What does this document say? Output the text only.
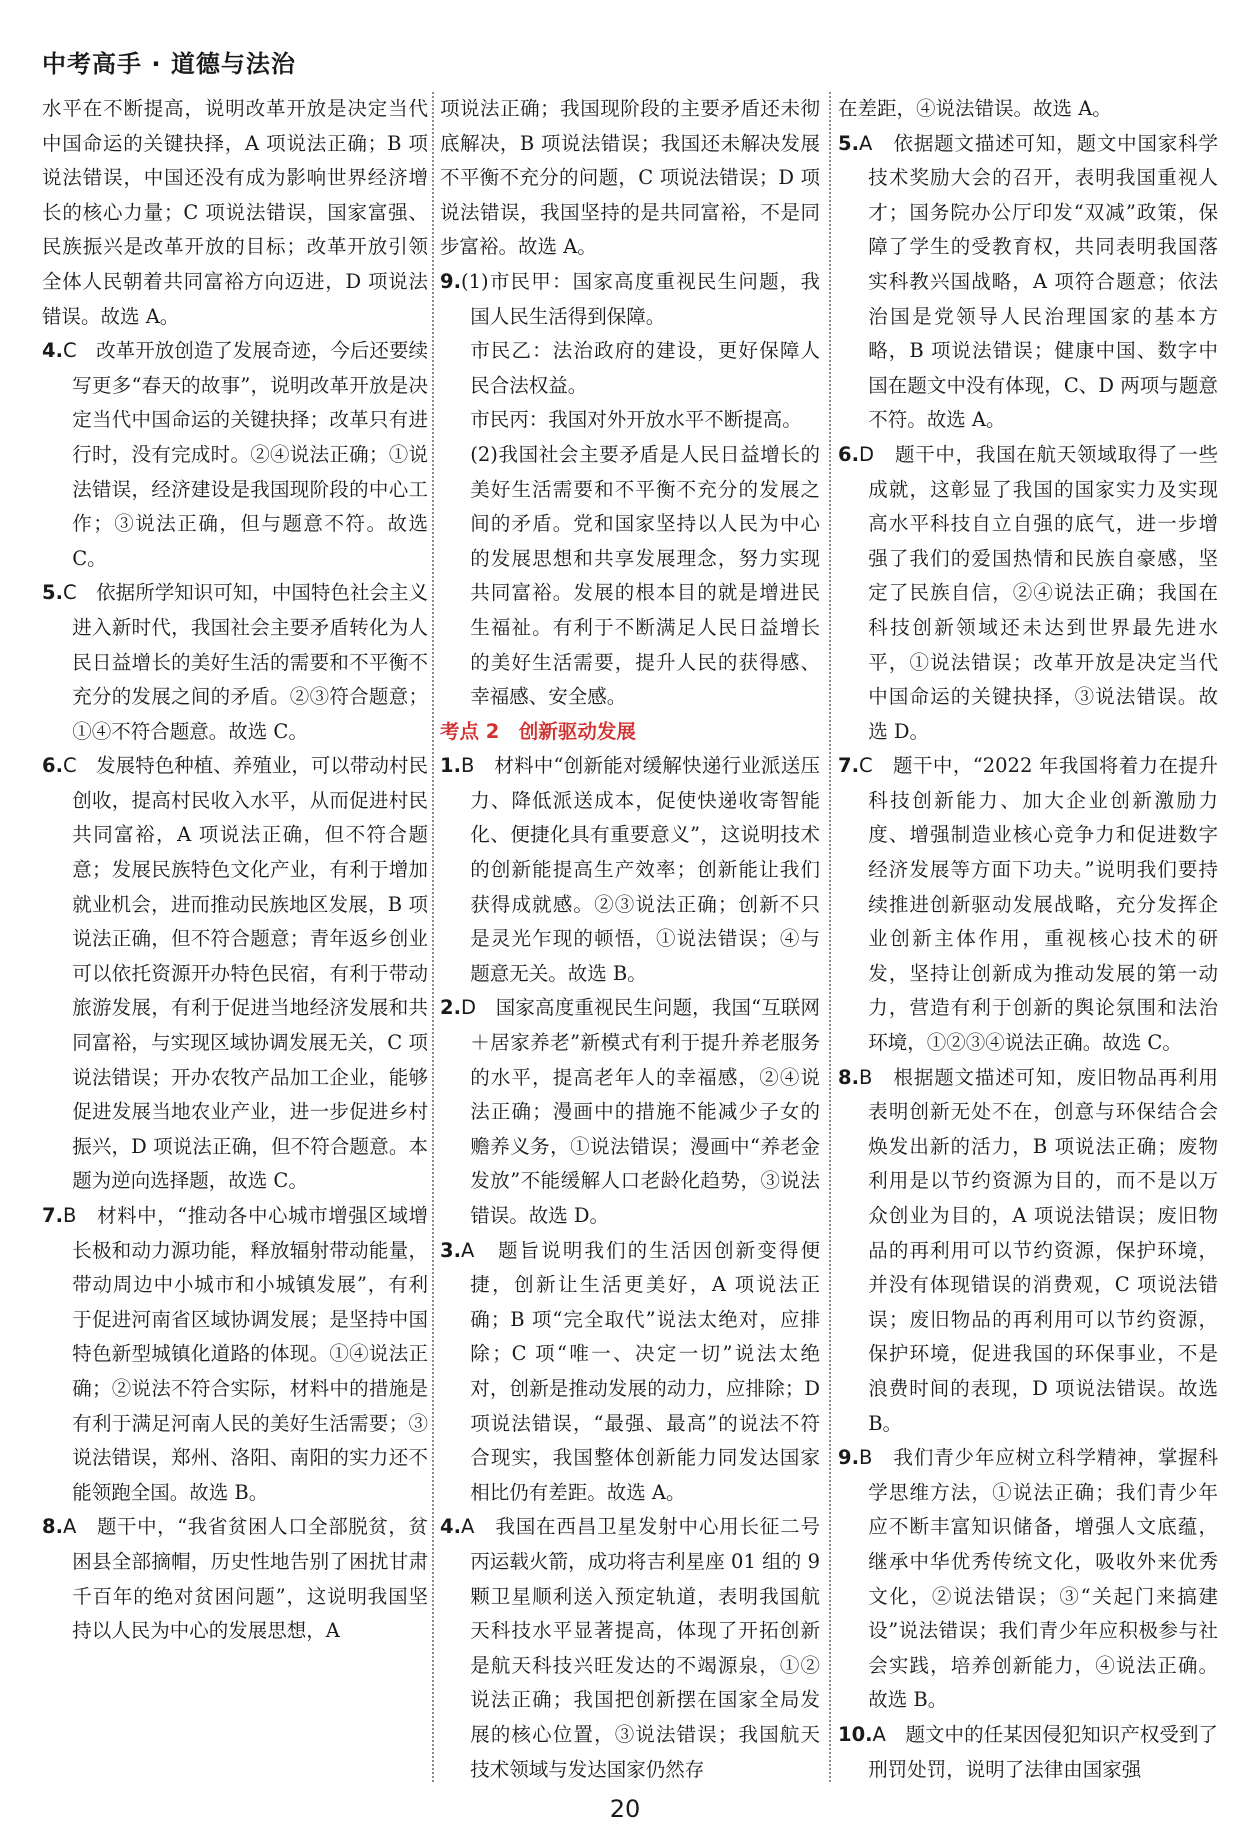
中考高手 · 道德与法治

水平在不断提高，说明改革开放是决定当代中国命运的关键抉择，A 项说法正确；B 项说法错误，中国还没有成为影响世界经济增长的核心力量；C 项说法错误，国家富强、民族振兴是改革开放的目标；改革开放引领全体人民朝着共同富裕方向迈进，D 项说法错误。故选 A。

4.C　 改革开放创造了发展奇迹，今后还要续写更多“春天的故事”，说明改革开放是决定当代中国命运的关键抉择；改革只有进行时，没有完成时。②④说法正确；①说法错误，经济建设是我国现阶段的中心工作；③说法正确，但与题意不符。故选 C。

5.C　 依据所学知识可知，中国特色社会主义进入新时代，我国社会主要矛盾转化为人民日益增长的美好生活的需要和不平衡不充分的发展之间的矛盾。②③符合题意；①④不符合题意。故选 C。

6.C　 发展特色种植、养殖业，可以带动村民创收，提高村民收入水平，从而促进村民共同富裕，A 项说法正确，但不符合题意；发展民族特色文化产业，有利于增加就业机会，进而推动民族地区发展，B 项说法正确，但不符合题意；青年返乡创业可以依托资源开办特色民宿，有利于带动旅游发展，有利于促进当地经济发展和共同富裕，与实现区域协调发展无关，C 项说法错误；开办农牧产品加工企业，能够促进发展当地农业产业，进一步促进乡村振兴，D 项说法正确，但不符合题意。本题为逆向选择题，故选 C。

7.B　 材料中，“推动各中心城市增强区域增长极和动力源功能，释放辐射带动能量，带动周边中小城市和小城镇发展”，有利于促进河南省区域协调发展；是坚持中国特色新型城镇化道路的体现。①④说法正确；②说法不符合实际，材料中的措施是有利于满足河南人民的美好生活需要；③说法错误，郑州、洛阳、南阳的实力还不能领跑全国。故选 B。

8.A　 题干中，“我省贫困人口全部脱贫，贫困县全部摘帽，历史性地告别了困扰甘肃千百年的绝对贫困问题”，这说明我国坚持以人民为中心的发展思想，A

项说法正确；我国现阶段的主要矛盾还未彻底解决，B 项说法错误；我国还未解决发展不平衡不充分的问题，C 项说法错误；D 项说法错误，我国坚持的是共同富裕，不是同步富裕。故选 A。

9.(1)市民甲：国家高度重视民生问题，我国人民生活得到保障。

市民乙：法治政府的建设，更好保障人民合法权益。

市民丙：我国对外开放水平不断提高。

(2)我国社会主要矛盾是人民日益增长的美好生活需要和不平衡不充分的发展之间的矛盾。党和国家坚持以人民为中心的发展思想和共享发展理念，努力实现共同富裕。发展的根本目的就是增进民生福祉。有利于不断满足人民日益增长的美好生活需要，提升人民的获得感、幸福感、安全感。

考点 2　创新驱动发展

1.B　 材料中“创新能对缓解快递行业派送压力、降低派送成本，促使快递收寄智能化、便捷化具有重要意义”，这说明技术的创新能提高生产效率；创新能让我们获得成就感。②③说法正确；创新不只是灵光乍现的顿悟，①说法错误；④与题意无关。故选 B。

2.D　 国家高度重视民生问题，我国“互联网＋居家养老”新模式有利于提升养老服务的水平，提高老年人的幸福感，②④说法正确；漫画中的措施不能减少子女的赡养义务，①说法错误；漫画中“养老金发放”不能缓解人口老龄化趋势，③说法错误。故选 D。

3.A　 题旨说明我们的生活因创新变得便捷，创新让生活更美好，A 项说法正确；B 项“完全取代”说法太绝对，应排除；C 项“唯一、决定一切”说法太绝对，创新是推动发展的动力，应排除；D 项说法错误，“最强、最高”的说法不符合现实，我国整体创新能力同发达国家相比仍有差距。故选 A。

4.A　 我国在西昌卫星发射中心用长征二号丙运载火箭，成功将吉利星座 01 组的 9 颗卫星顺利送入预定轨道，表明我国航天科技水平显著提高，体现了开拓创新是航天科技兴旺发达的不竭源泉，①②说法正确；我国把创新摆在国家全局发展的核心位置，③说法错误；我国航天技术领域与发达国家仍然存

在差距，④说法错误。故选 A。

5.A　 依据题文描述可知，题文中国家科学技术奖励大会的召开，表明我国重视人才；国务院办公厅印发“双减”政策，保障了学生的受教育权，共同表明我国落实科教兴国战略，A 项符合题意；依法治国是党领导人民治理国家的基本方略，B 项说法错误；健康中国、数字中国在题文中没有体现，C、D 两项与题意不符。故选 A。

6.D　 题干中，我国在航天领域取得了一些成就，这彰显了我国的国家实力及实现高水平科技自立自强的底气，进一步增强了我们的爱国热情和民族自豪感，坚定了民族自信，②④说法正确；我国在科技创新领域还未达到世界最先进水平，①说法错误；改革开放是决定当代中国命运的关键抉择，③说法错误。故选 D。

7.C　 题干中，“2022 年我国将着力在提升科技创新能力、加大企业创新激励力度、增强制造业核心竞争力和促进数字经济发展等方面下功夫。”说明我们要持续推进创新驱动发展战略，充分发挥企业创新主体作用，重视核心技术的研发，坚持让创新成为推动发展的第一动力，营造有利于创新的舆论氛围和法治环境，①②③④说法正确。故选 C。

8.B　 根据题文描述可知，废旧物品再利用表明创新无处不在，创意与环保结合会焕发出新的活力，B 项说法正确；废物利用是以节约资源为目的，而不是以万众创业为目的，A 项说法错误；废旧物品的再利用可以节约资源，保护环境，并没有体现错误的消费观，C 项说法错误；废旧物品的再利用可以节约资源，保护环境，促进我国的环保事业，不是浪费时间的表现，D 项说法错误。故选 B。

9.B　 我们青少年应树立科学精神，掌握科学思维方法，①说法正确；我们青少年应不断丰富知识储备，增强人文底蕴，继承中华优秀传统文化，吸收外来优秀文化，②说法错误；③“关起门来搞建设”说法错误；我们青少年应积极参与社会实践，培养创新能力，④说法正确。故选 B。

10.A　 题文中的任某因侵犯知识产权受到了刑罚处罚，说明了法律由国家强

20
